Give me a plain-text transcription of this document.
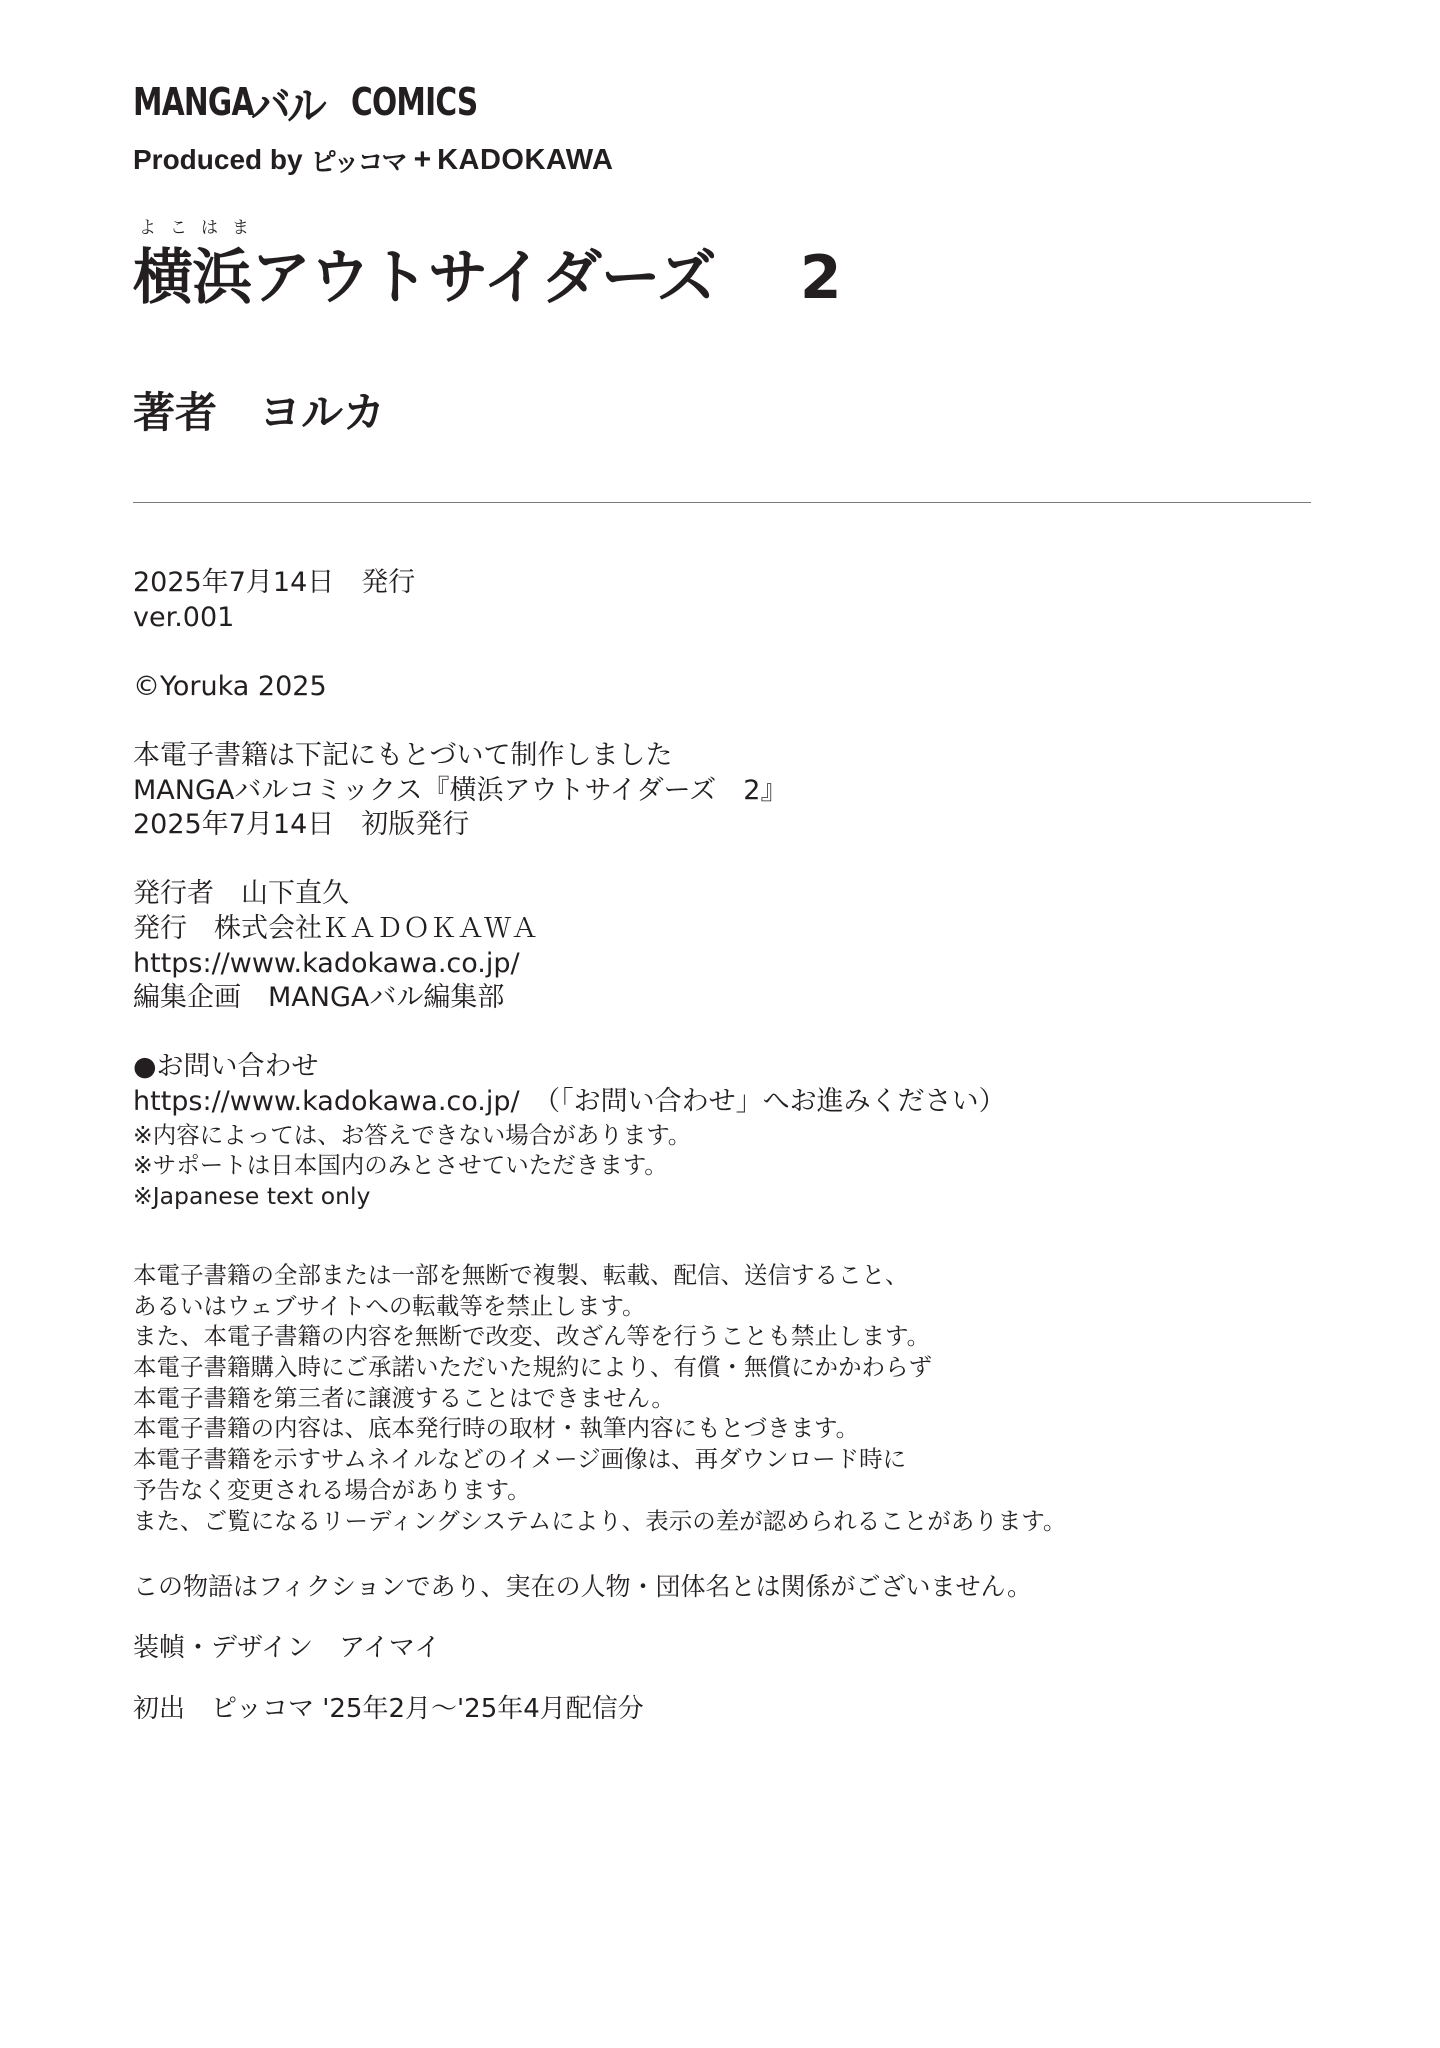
MANGA
バル COMICS
Produced by ピッコマ + KADOKAWA
よこはま
横浜アウトサイダーズ 2
著者 ヨルカ
2025年7月14日　発行
ver.001
©Yoruka 2025
本電子書籍は下記にもとづいて制作しました
MANGAバルコミックス『横浜アウトサイダーズ　2』
2025年7月14日　初版発行
発行者　山下直久
発行　株式会社ＫＡＤＯＫＡＷＡ
https://www.kadokawa.co.jp/
編集企画　MANGAバル編集部
●お問い合わせ
https://www.kadokawa.co.jp/　（「お問い合わせ」へお進みください）
※内容によっては、お答えできない場合があります。
※サポートは日本国内のみとさせていただきます。
※Japanese text only
本電子書籍の全部または一部を無断で複製、転載、配信、送信すること、
あるいはウェブサイトへの転載等を禁止します。
また、本電子書籍の内容を無断で改変、改ざん等を行うことも禁止します。
本電子書籍購入時にご承諾いただいた規約により、有償・無償にかかわらず
本電子書籍を第三者に譲渡することはできません。
本電子書籍の内容は、底本発行時の取材・執筆内容にもとづきます。
本電子書籍を示すサムネイルなどのイメージ画像は、再ダウンロード時に
予告なく変更される場合があります。
また、ご覧になるリーディングシステムにより、表示の差が認められることがあります。
この物語はフィクションであり、実在の人物・団体名とは関係がございません。
装幀・デザイン　アイマイ
初出　ピッコマ '25年2月～'25年4月配信分
